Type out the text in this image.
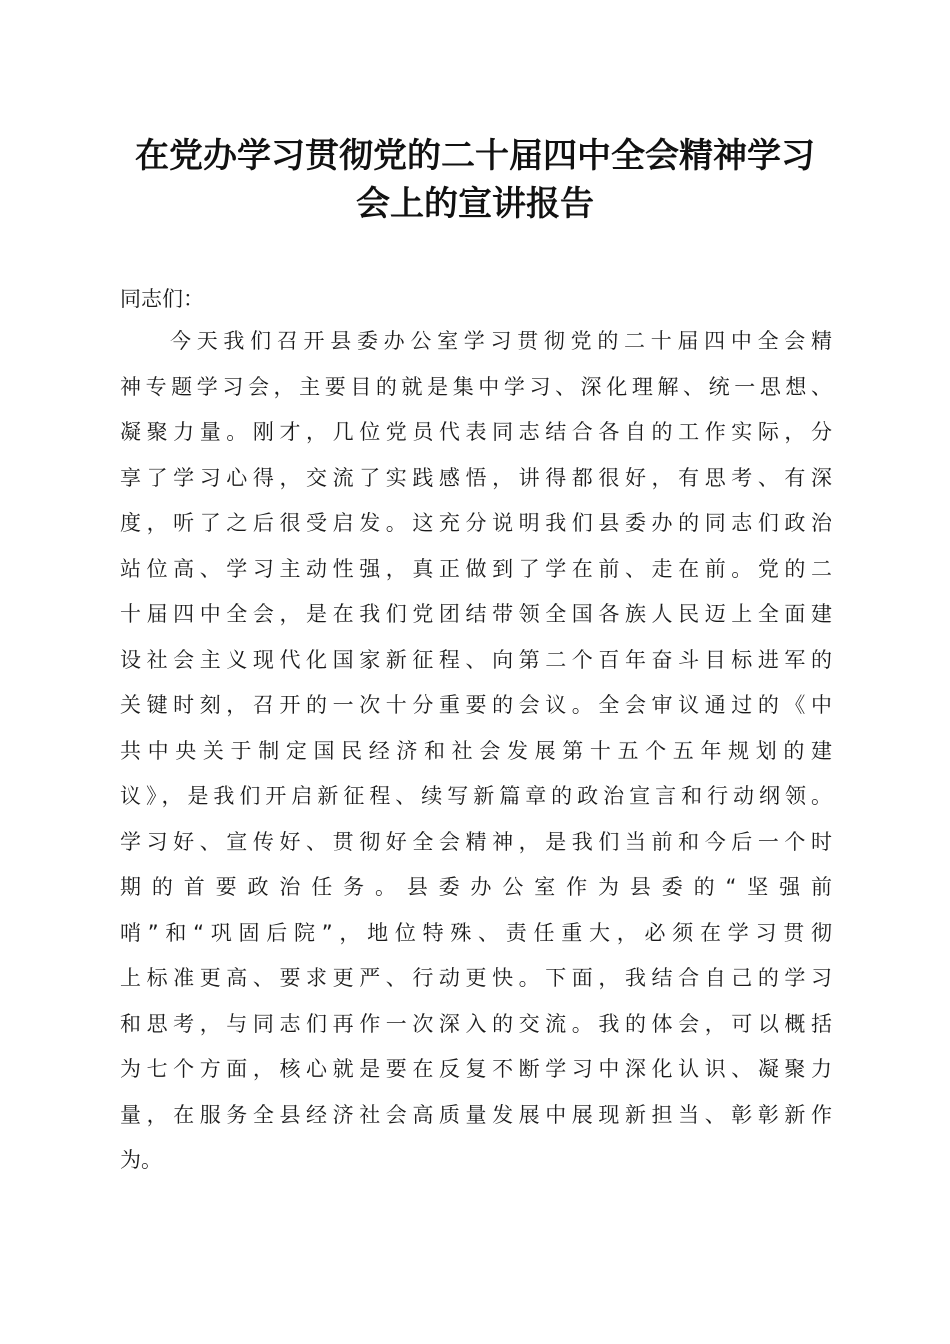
在党办学习贯彻党的二十届四中全会精神学习
会上的宣讲报告

同志们：

今天我们召开县委办公室学习贯彻党的二十届四中全会精
神专题学习会，主要目的就是集中学习、深化理解、统一思想、
凝聚力量。刚才，几位党员代表同志结合各自的工作实际，分
享了学习心得，交流了实践感悟，讲得都很好，有思考、有深
度，听了之后很受启发。这充分说明我们县委办的同志们政治
站位高、学习主动性强，真正做到了学在前、走在前。党的二
十届四中全会，是在我们党团结带领全国各族人民迈上全面建
设社会主义现代化国家新征程、向第二个百年奋斗目标进军的
关键时刻，召开的一次十分重要的会议。全会审议通过的《中
共中央关于制定国民经济和社会发展第十五个五年规划的建
议》，是我们开启新征程、续写新篇章的政治宣言和行动纲领。
学习好、宣传好、贯彻好全会精神，是我们当前和今后一个时
期的首要政治任务。县委办公室作为县委的“坚强前
哨”和“巩固后院”，地位特殊、责任重大，必须在学习贯彻
上标准更高、要求更严、行动更快。下面，我结合自己的学习
和思考，与同志们再作一次深入的交流。我的体会，可以概括
为七个方面，核心就是要在反复不断学习中深化认识、凝聚力
量，在服务全县经济社会高质量发展中展现新担当、彰彰新作
为。
